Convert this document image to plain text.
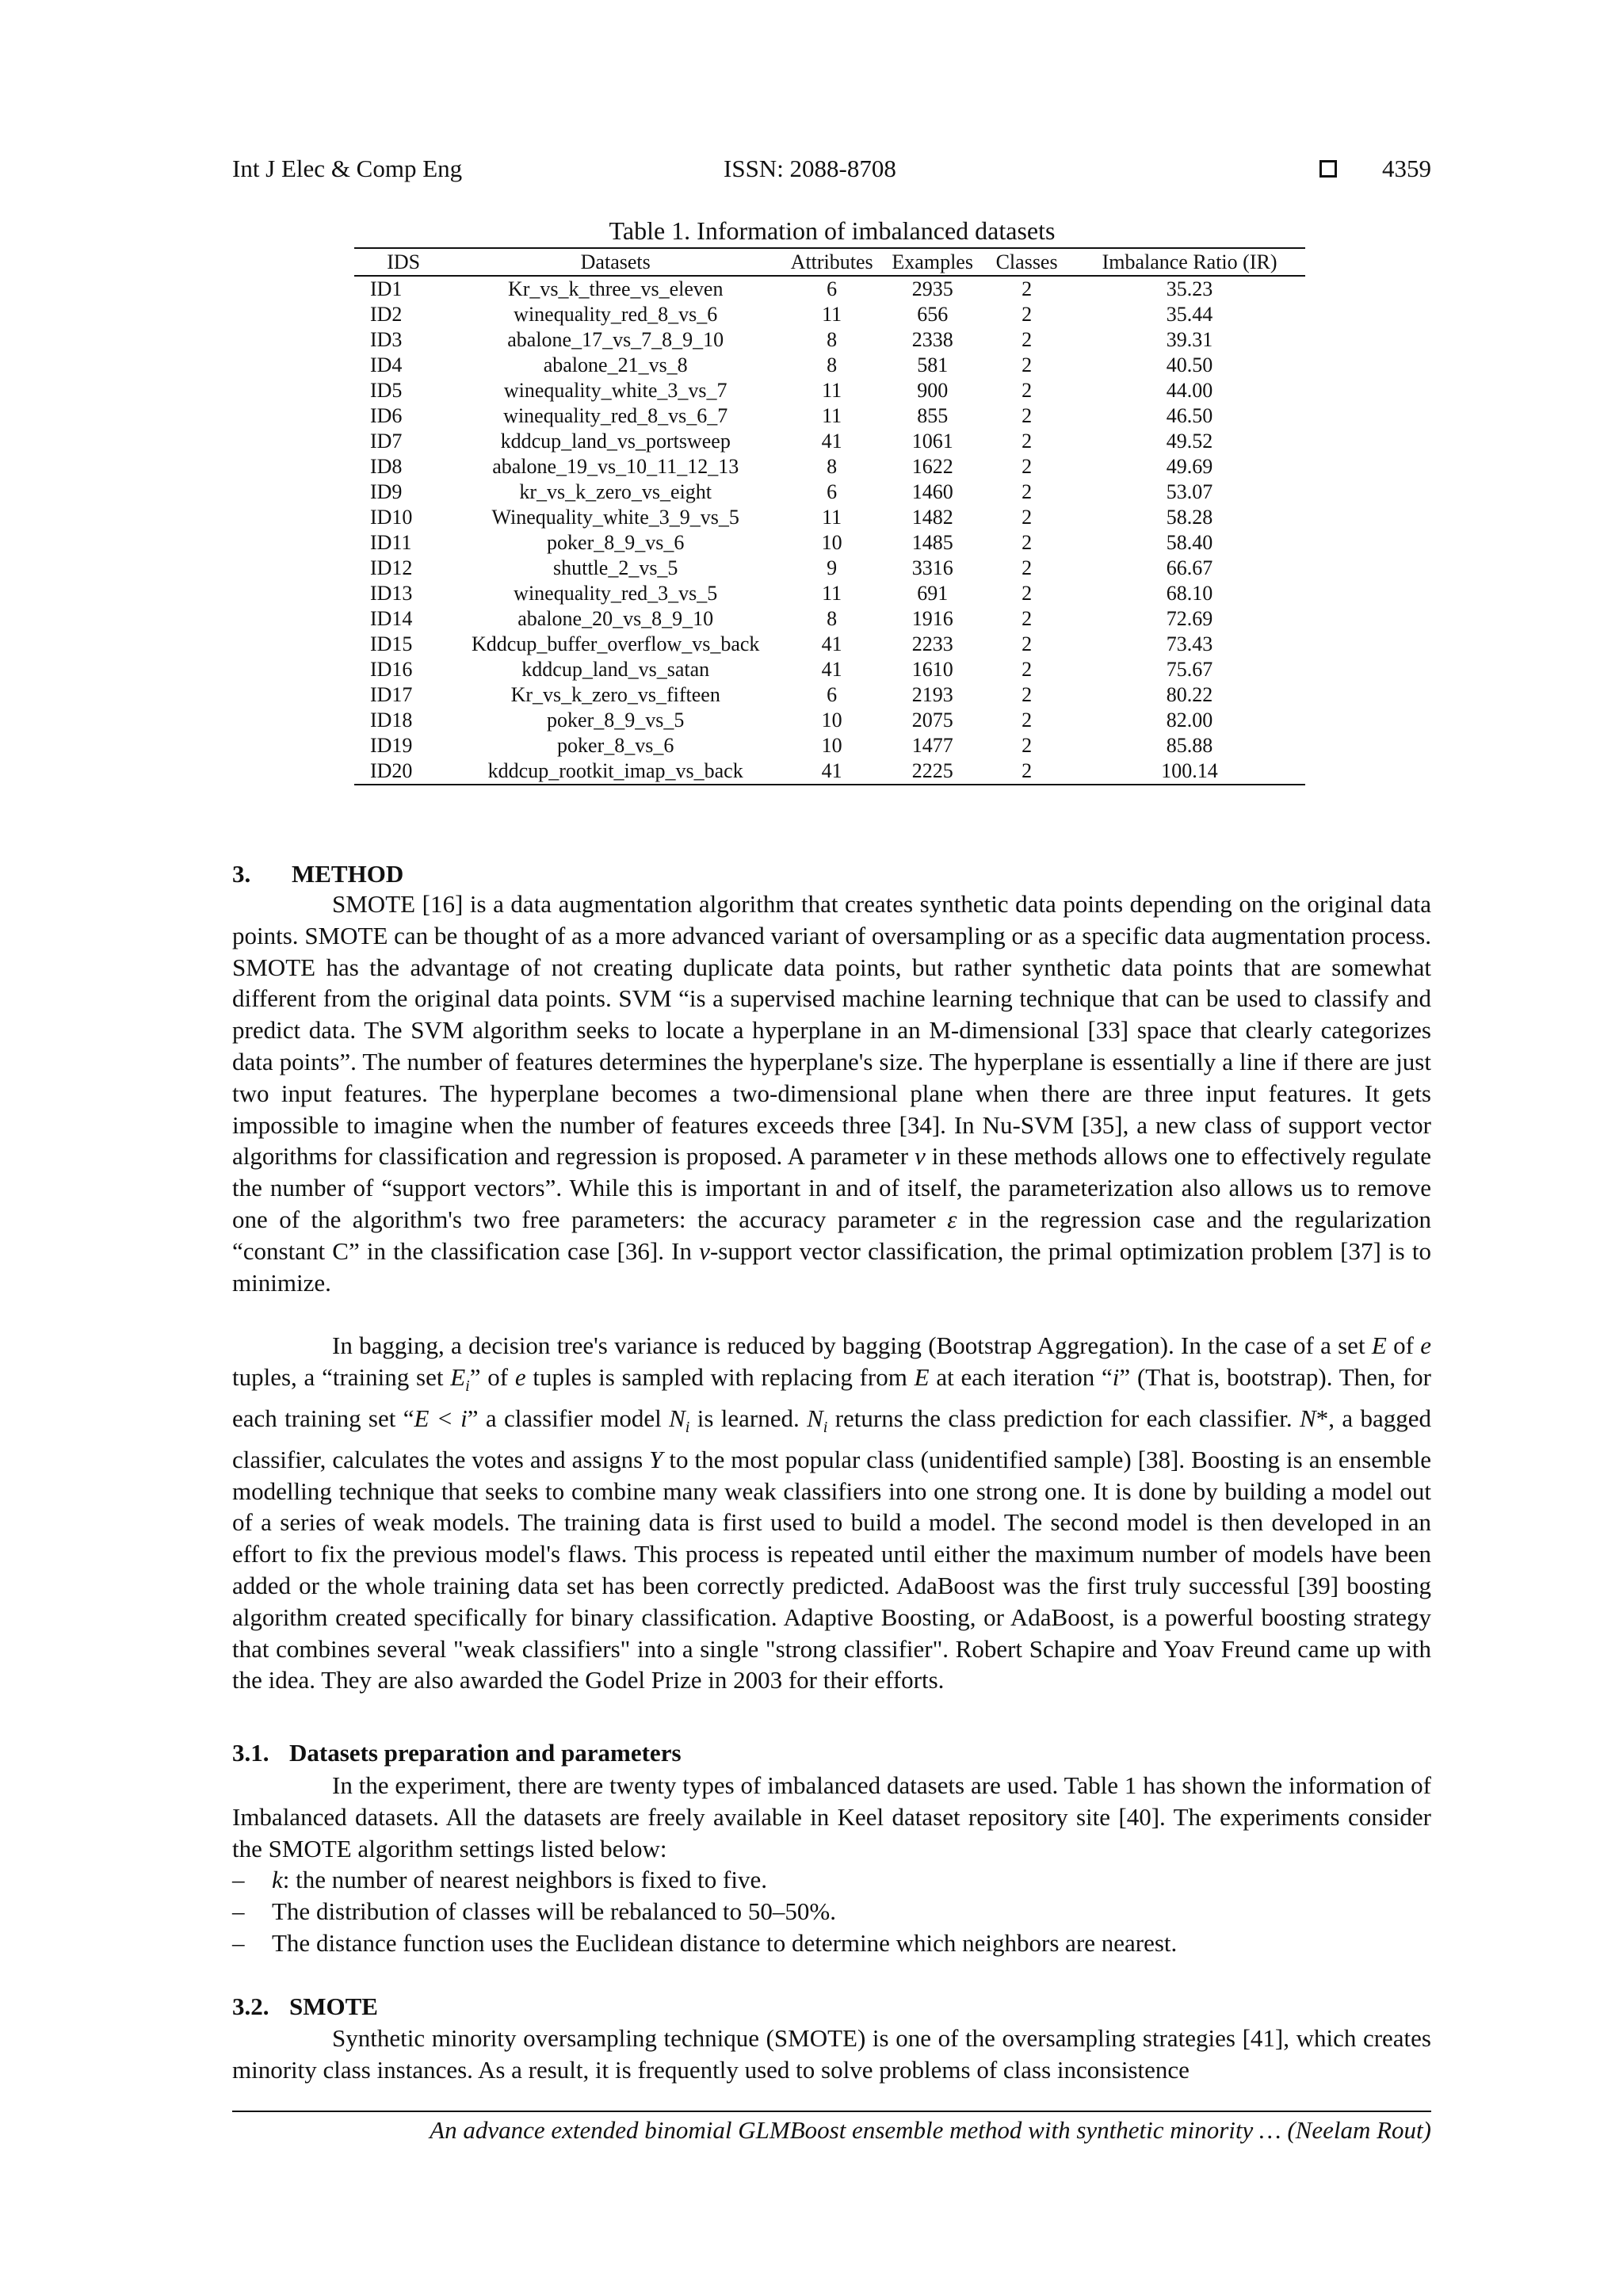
Int J Elec & Comp Eng	ISSN: 2088-8708	4359
Table 1. Information of imbalanced datasets
IDS	Datasets	Attributes	Examples	Classes	Imbalance Ratio (IR)
ID1	Kr_vs_k_three_vs_eleven	6	2935	2	35.23
ID2	winequality_red_8_vs_6	11	656	2	35.44
ID3	abalone_17_vs_7_8_9_10	8	2338	2	39.31
ID4	abalone_21_vs_8	8	581	2	40.50
ID5	winequality_white_3_vs_7	11	900	2	44.00
ID6	winequality_red_8_vs_6_7	11	855	2	46.50
ID7	kddcup_land_vs_portsweep	41	1061	2	49.52
ID8	abalone_19_vs_10_11_12_13	8	1622	2	49.69
ID9	kr_vs_k_zero_vs_eight	6	1460	2	53.07
ID10	Winequality_white_3_9_vs_5	11	1482	2	58.28
ID11	poker_8_9_vs_6	10	1485	2	58.40
ID12	shuttle_2_vs_5	9	3316	2	66.67
ID13	winequality_red_3_vs_5	11	691	2	68.10
ID14	abalone_20_vs_8_9_10	8	1916	2	72.69
ID15	Kddcup_buffer_overflow_vs_back	41	2233	2	73.43
ID16	kddcup_land_vs_satan	41	1610	2	75.67
ID17	Kr_vs_k_zero_vs_fifteen	6	2193	2	80.22
ID18	poker_8_9_vs_5	10	2075	2	82.00
ID19	poker_8_vs_6	10	1477	2	85.88
ID20	kddcup_rootkit_imap_vs_back	41	2225	2	100.14
3. METHOD

SMOTE [16] is a data augmentation algorithm that creates synthetic data points depending on the original data points. SMOTE can be thought of as a more advanced variant of oversampling or as a specific data augmentation process. SMOTE has the advantage of not creating duplicate data points, but rather synthetic data points that are somewhat different from the original data points. SVM “is a supervised machine learning technique that can be used to classify and predict data. The SVM algorithm seeks to locate a hyperplane in an M-dimensional [33] space that clearly categorizes data points”. The number of features determines the hyperplane's size. The hyperplane is essentially a line if there are just two input features. The hyperplane becomes a two-dimensional plane when there are three input features. It gets impossible to imagine when the number of features exceeds three [34]. In Nu-SVM [35], a new class of support vector algorithms for classification and regression is proposed. A parameter ν in these methods allows one to effectively regulate the number of “support vectors”. While this is important in and of itself, the parameterization also allows us to remove one of the algorithm's two free parameters: the accuracy parameter ε in the regression case and the regularization “constant C” in the classification case [36]. In ν-support vector classification, the primal optimization problem [37] is to minimize.

In bagging, a decision tree's variance is reduced by bagging (Bootstrap Aggregation). In the case of a set E of e tuples, a “training set $E_i$” of e tuples is sampled with replacing from E at each iteration “i” (That is, bootstrap). Then, for each training set “E < i” a classifier model $N_i$ is learned. $N_i$ returns the class prediction for each classifier. N*, a bagged classifier, calculates the votes and assigns Y to the most popular class (unidentified sample) [38]. Boosting is an ensemble modelling technique that seeks to combine many weak classifiers into one strong one. It is done by building a model out of a series of weak models. The training data is first used to build a model. The second model is then developed in an effort to fix the previous model's flaws. This process is repeated until either the maximum number of models have been added or the whole training data set has been correctly predicted. AdaBoost was the first truly successful [39] boosting algorithm created specifically for binary classification. Adaptive Boosting, or AdaBoost, is a powerful boosting strategy that combines several "weak classifiers" into a single "strong classifier". Robert Schapire and Yoav Freund came up with the idea. They are also awarded the Godel Prize in 2003 for their efforts.

3.1. Datasets preparation and parameters

In the experiment, there are twenty types of imbalanced datasets are used. Table 1 has shown the information of Imbalanced datasets. All the datasets are freely available in Keel dataset repository site [40]. The experiments consider the SMOTE algorithm settings listed below:

– k: the number of nearest neighbors is fixed to five.
– The distribution of classes will be rebalanced to 50–50%.
– The distance function uses the Euclidean distance to determine which neighbors are nearest.
3.2. SMOTE

Synthetic minority oversampling technique (SMOTE) is one of the oversampling strategies [41], which creates minority class instances. As a result, it is frequently used to solve problems of class inconsistence

An advance extended binomial GLMBoost ensemble method with synthetic minority … (Neelam Rout)
